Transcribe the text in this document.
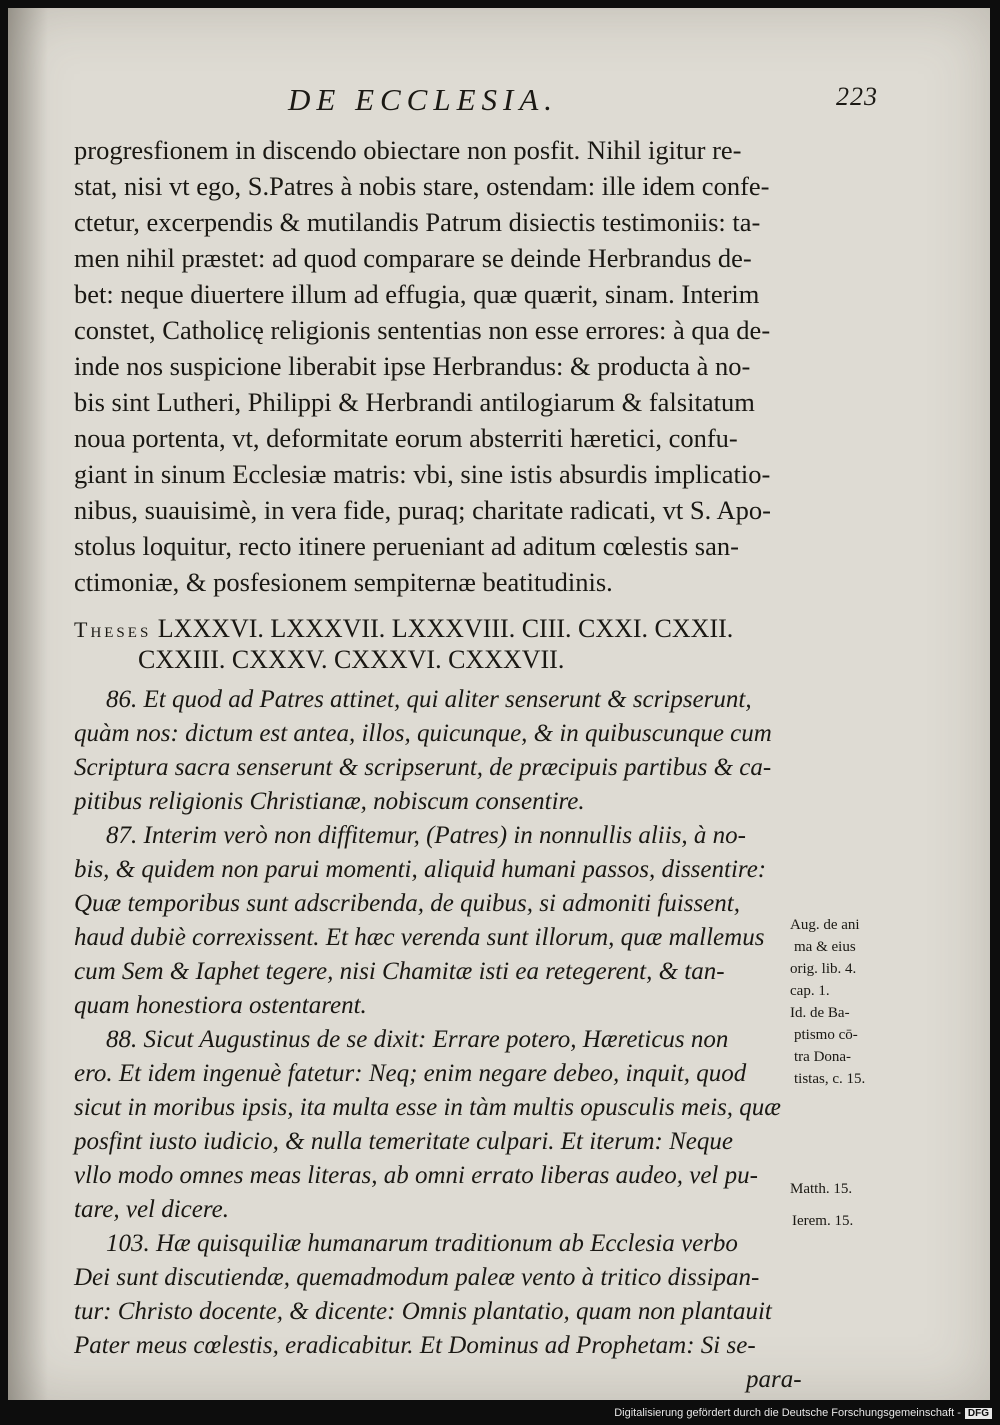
DE ECCLESIA.	223

progresfionem in discendo obiectare non posfit. Nihil igitur re-

stat, nisi vt ego, S.Patres à nobis stare, ostendam: ille idem confe-

ctetur, excerpendis & mutilandis Patrum disiectis testimoniis: ta-

men nihil præstet: ad quod comparare se deinde Herbrandus de-

bet: neque diuertere illum ad effugia, quæ quærit, sinam. Interim

constet, Catholicę religionis sententias non esse errores: à qua de-

inde nos suspicione liberabit ipse Herbrandus: & producta à no-

bis sint Lutheri, Philippi & Herbrandi antilogiarum & falsitatum

noua portenta, vt, deformitate eorum absterriti hæretici, confu-

giant in sinum Ecclesiæ matris: vbi, sine istis absurdis implicatio-

nibus, suauisimè, in vera fide, puraq; charitate radicati, vt S. Apo-

stolus loquitur, recto itinere perueniant ad aditum cœlestis san-

ctimoniæ, & posfesionem sempiternæ beatitudinis.

Theses LXXXVI. LXXXVII. LXXXVIII. CIII. CXXI. CXXII.
CXXIII. CXXXV. CXXXVI. CXXXVII.

86. Et quod ad Patres attinet, qui aliter senserunt & scripserunt,

quàm nos: dictum est antea, illos, quicunque, & in quibuscunque cum

Scriptura sacra senserunt & scripserunt, de præcipuis partibus & ca-

pitibus religionis Christianæ, nobiscum consentire.

87. Interim verò non diffitemur, (Patres) in nonnullis aliis, à no-

bis, & quidem non parui momenti, aliquid humani passos, dissentire:

Quæ temporibus sunt adscribenda, de quibus, si admoniti fuissent,

haud dubiè correxissent. Et hæc verenda sunt illorum, quæ mallemus

cum Sem & Iaphet tegere, nisi Chamitæ isti ea retegerent, & tan-

quam honestiora ostentarent.

88. Sicut Augustinus de se dixit: Errare potero, Hæreticus non

ero. Et idem ingenuè fatetur: Neq; enim negare debeo, inquit, quod

sicut in moribus ipsis, ita multa esse in tàm multis opusculis meis, quæ

posfint iusto iudicio, & nulla temeritate culpari. Et iterum: Neque

vllo modo omnes meas literas, ab omni errato liberas audeo, vel pu-

tare, vel dicere.

103. Hæ quisquiliæ humanarum traditionum ab Ecclesia verbo

Dei sunt discutiendæ, quemadmodum paleæ vento à tritico dissipan-

tur: Christo docente, & dicente: Omnis plantatio, quam non plantauit

Pater meus cœlestis, eradicabitur. Et Dominus ad Prophetam: Si se-

para-

Aug. de ani
ma & eius
orig. lib. 4.
cap. 1.
Id. de Ba-
ptismo cō-
tra Dona-
tistas, c. 15.
Matth. 15.
Ierem. 15.
Digitalisierung gefördert durch die Deutsche Forschungsgemeinschaft - DFG
